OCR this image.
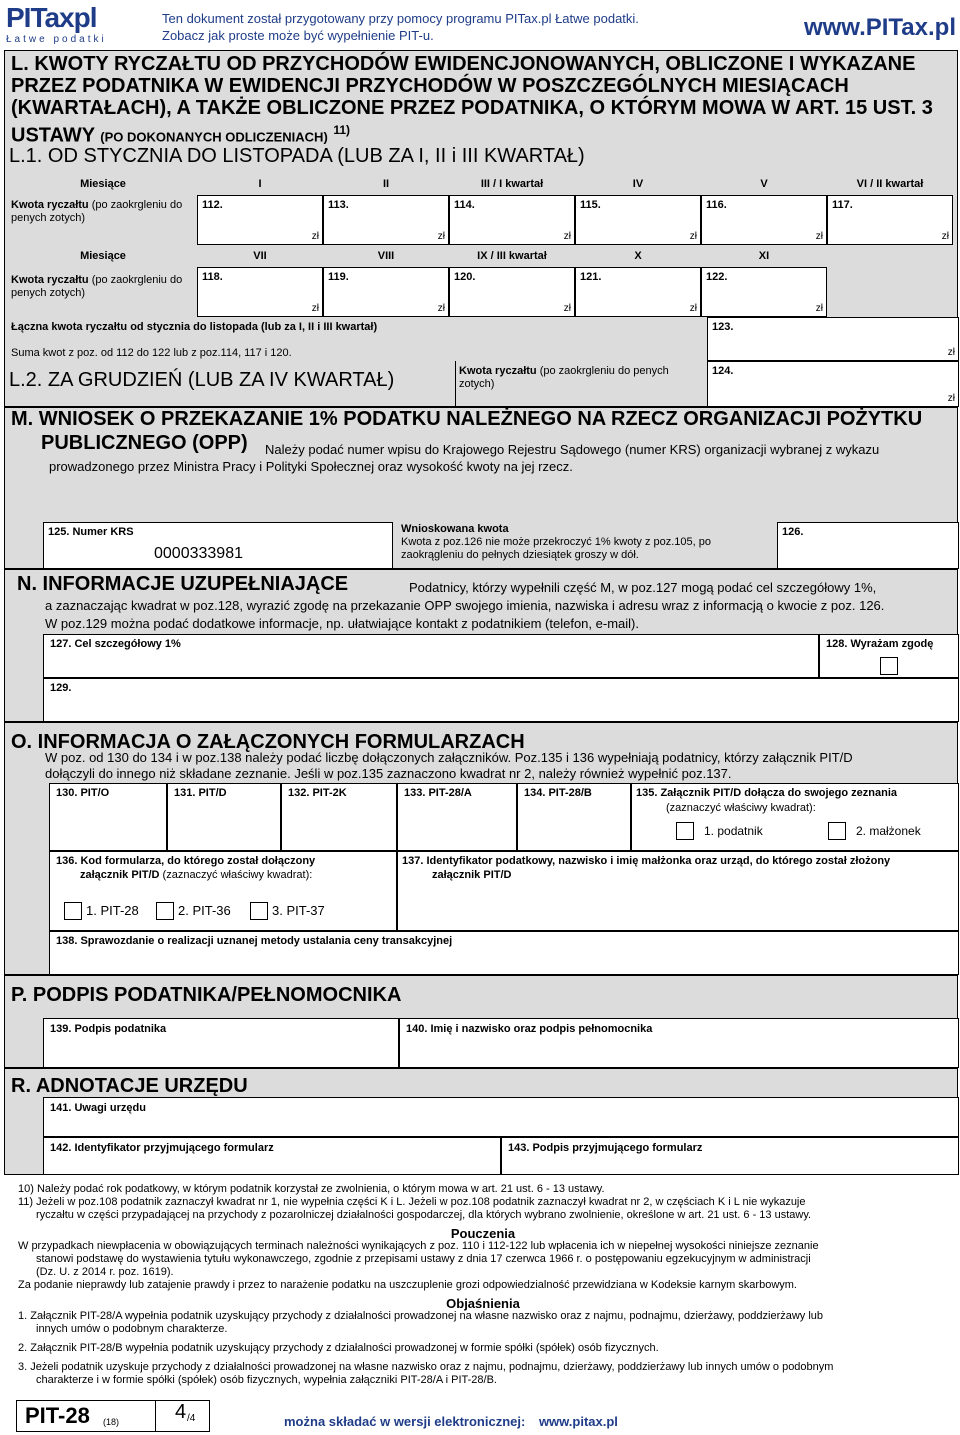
PITaxpl
Łatwe podatki
Ten dokument został przygotowany przy pomocy programu PITax.pl Łatwe podatki.
Zobacz jak proste może być wypełnienie PIT-u.	www.PITax.pl
L. KWOTY RYCZAŁTU OD PRZYCHODÓW EWIDENCJONOWANYCH, OBLICZONE I WYKAZANE PRZEZ PODATNIKA W EWIDENCJI PRZYCHODÓW W POSZCZEGÓLNYCH MIESIĄCACH (KWARTAŁACH), A TAKŻE OBLICZONE PRZEZ PODATNIKA, O KTÓRYM MOWA W ART. 15 UST. 3 USTAWY (PO DOKONANYCH ODLICZENIACH) $^{11)}$
L.1. OD STYCZNIA DO LISTOPADA (LUB ZA I, II i III KWARTAŁ)
Miesiące	I	II	III / I kwartał	IV	V	VI / II kwartał
Kwota ryczałtu (po zaokrgleniu do penych zotych)
112.
zł
113.
zł
114.
zł
115.
zł
116.
zł
117.
zł
Miesiące	VII	VIII	IX / III kwartał	X	XI
Kwota ryczałtu (po zaokrgleniu do penych zotych)
118.
zł
119.
zł
120.
zł
121.
zł
122.
zł
Łączna kwota ryczałtu od stycznia do listopada (lub za I, II i III kwartał)
Suma kwot z poz. od 112 do 122 lub z poz.114, 117 i 120.
123.
zł
L.2. ZA GRUDZIEŃ (LUB ZA IV KWARTAŁ)	Kwota ryczałtu (po zaokrgleniu do penych zotych)
124.
zł
M. WNIOSEK O PRZEKAZANIE 1% PODATKU NALEŻNEGO NA RZECZ ORGANIZACJI POŻYTKU
PUBLICZNEGO (OPP) Należy podać numer wpisu do Krajowego Rejestru Sądowego (numer KRS) organizacji wybranej z wykazu
prowadzonego przez Ministra Pracy i Polityki Społecznej oraz wysokość kwoty na jej rzecz.
125. Numer KRS
0000333981
Wnioskowana kwota
Kwota z poz.126 nie może przekroczyć 1% kwoty z poz.105, po
zaokrągleniu do pełnych dziesiątek groszy w dół.
126.
N. INFORMACJE UZUPEŁNIAJĄCE	Podatnicy, którzy wypełnili część M, w poz.127 mogą podać cel szczegółowy 1%,
a zaznaczając kwadrat w poz.128, wyrazić zgodę na przekazanie OPP swojego imienia, nazwiska i adresu wraz z informacją o kwocie z poz. 126.
W poz.129 można podać dodatkowe informacje, np. ułatwiające kontakt z podatnikiem (telefon, e-mail).
127. Cel szczegółowy 1%	128. Wyrażam zgodę
129.
O. INFORMACJA O ZAŁĄCZONYCH FORMULARZACH
W poz. od 130 do 134 i w poz.138 należy podać liczbę dołączonych załączników. Poz.135 i 136 wypełniają podatnicy, którzy załącznik PIT/D
dołączyli do innego niż składane zeznanie. Jeśli w poz.135 zaznaczono kwadrat nr 2, należy również wypełnić poz.137.
130. PIT/O	131. PIT/D	132. PIT-2K	133. PIT-28/A	134. PIT-28/B	135. Załącznik PIT/D dołącza do swojego zeznania
(zaznaczyć właściwy kwadrat):
1. podatnik	2. małżonek
136. Kod formularza, do którego został dołączony
załącznik PIT/D (zaznaczyć właściwy kwadrat):
1. PIT-28	2. PIT-36	3. PIT-37
137. Identyfikator podatkowy, nazwisko i imię małżonka oraz urząd, do którego został złożony
załącznik PIT/D
138. Sprawozdanie o realizacji uznanej metody ustalania ceny transakcyjnej
P. PODPIS PODATNIKA/PEŁNOMOCNIKA
139. Podpis podatnika	140. Imię i nazwisko oraz podpis pełnomocnika
R. ADNOTACJE URZĘDU
141. Uwagi urzędu
142. Identyfikator przyjmującego formularz	143. Podpis przyjmującego formularz
10) Należy podać rok podatkowy, w którym podatnik korzystał ze zwolnienia, o którym mowa w art. 21 ust. 6 - 13 ustawy.
11) Jeżeli w poz.108 podatnik zaznaczył kwadrat nr 1, nie wypełnia części K i L. Jeżeli w poz.108 podatnik zaznaczył kwadrat nr 2, w częściach K i L nie wykazuje
ryczałtu w części przypadającej na przychody z pozarolniczej działalności gospodarczej, dla których wybrano zwolnienie, określone w art. 21 ust. 6 - 13 ustawy.
Pouczenia
W przypadkach niewpłacenia w obowiązujących terminach należności wynikających z poz. 110 i 112-122 lub wpłacenia ich w niepełnej wysokości niniejsze zeznanie
stanowi podstawę do wystawienia tytułu wykonawczego, zgodnie z przepisami ustawy z dnia 17 czerwca 1966 r. o postępowaniu egzekucyjnym w administracji
(Dz. U. z 2014 r. poz. 1619).
Za podanie nieprawdy lub zatajenie prawdy i przez to narażenie podatku na uszczuplenie grozi odpowiedzialność przewidziana w Kodeksie karnym skarbowym.
Objaśnienia
1. Załącznik PIT-28/A wypełnia podatnik uzyskujący przychody z działalności prowadzonej na własne nazwisko oraz z najmu, podnajmu, dzierżawy, poddzierżawy lub
innych umów o podobnym charakterze.
2. Załącznik PIT-28/B wypełnia podatnik uzyskujący przychody z działalności prowadzonej w formie spółki (spółek) osób fizycznych.
3. Jeżeli podatnik uzyskuje przychody z działalności prowadzonej na własne nazwisko oraz z najmu, podnajmu, dzierżawy, poddzierżawy lub innych umów o podobnym
charakterze i w formie spółki (spółek) osób fizycznych, wypełnia załączniki PIT-28/A i PIT-28/B.
PIT-28 (18)	4 /4	można składać w wersji elektronicznej: www.pitax.pl
